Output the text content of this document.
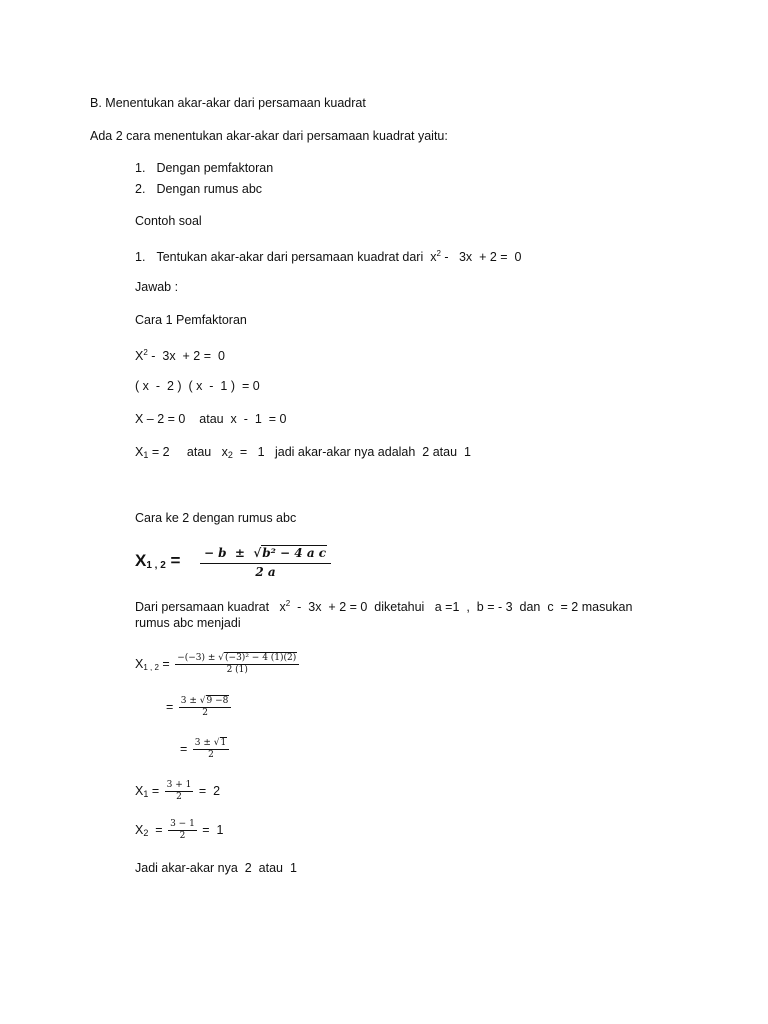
B. Menentukan akar-akar dari persamaan kuadrat
Ada 2 cara menentukan akar-akar dari persamaan kuadrat yaitu:
1. Dengan pemfaktoran
2. Dengan rumus abc
Contoh soal
1. Tentukan akar-akar dari persamaan kuadrat dari $x^2 - 3x + 2 = 0$
Jawab :
Cara 1 Pemfaktoran
$X^2 - 3x + 2 = 0$
( x  -  2 )  ( x  -  1 )  = 0
X – 2 = 0    atau  x  -  1  = 0
$X_1 = 2$     atau   $x_2 = 1$   jadi akar-akar nya adalah  2 atau  1
Cara ke 2 dengan rumus abc
$X_{1 , 2} = \frac{\text{− b  ±  √b² − 4 a c}}{2 a}$
Dari persamaan kuadrat   $x^2 - 3x + 2 = 0$  diketahui   a =1  ,  b = - 3  dan  c  = 2 masukan
rumus abc menjadi
$X_{1 , 2} = \frac{\text{−(−3) ± √(−3)² − 4 (1)(2)}}{2 (1)}$
= $\frac{3 \pm √9 -8}{2}$
= $\frac{3 \pm √1}{2}$
$X_1 = \frac{3 + 1}{2} = 2$
$X_2 = \frac{3 - 1}{2} = 1$
Jadi akar-akar nya  2  atau  1
